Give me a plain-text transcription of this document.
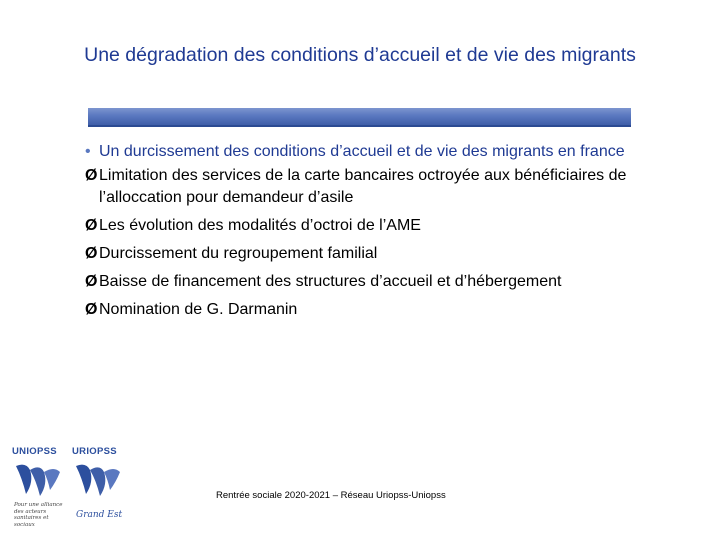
Une dégradation des conditions d’accueil et de vie des migrants
• Un durcissement des conditions d’accueil et de vie des migrants en france
Ø Limitation des services de la carte bancaires octroyée aux bénéficiaires de l’alloccation pour demandeur d’asile
Ø Les évolution des modalités d’octroi de l’AME
Ø Durcissement du regroupement familial
Ø Baisse de financement des structures d’accueil et d’hébergement
Ø Nomination de G. Darmanin
UNIOPSS
Pour une alliance des acteurs sanitaires et sociaux
URIOPSS
Grand Est
Rentrée sociale 2020-2021 – Réseau Uriopss-Uniopss
